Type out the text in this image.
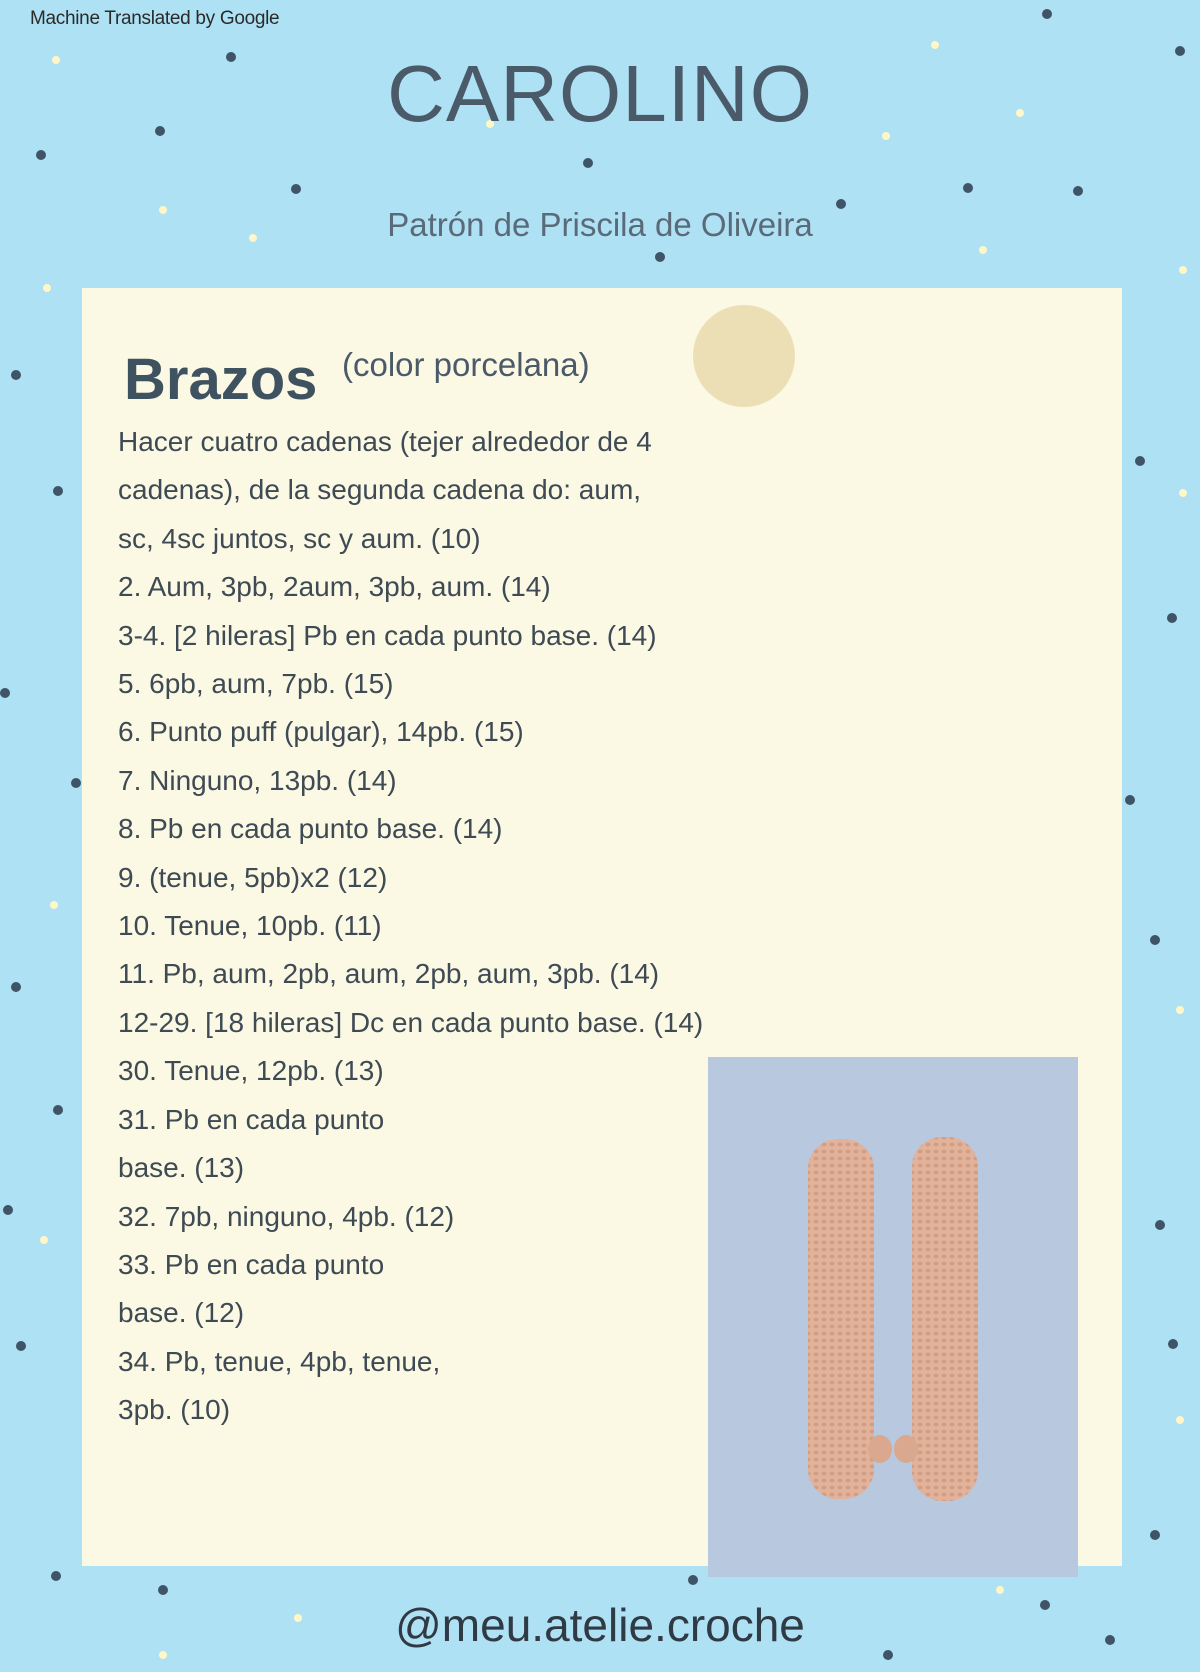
Machine Translated by Google
CAROLINO
Patrón de Priscila de Oliveira
Brazos (color porcelana)
Hacer cuatro cadenas (tejer alrededor de 4
cadenas), de la segunda cadena do: aum,
sc, 4sc juntos, sc y aum. (10)
2. Aum, 3pb, 2aum, 3pb, aum. (14)
3-4. [2 hileras] Pb en cada punto base. (14)
5. 6pb, aum, 7pb. (15)
6. Punto puff (pulgar), 14pb. (15)
7. Ninguno, 13pb. (14)
8. Pb en cada punto base. (14)
9. (tenue, 5pb)x2 (12)
10. Tenue, 10pb. (11)
11. Pb, aum, 2pb, aum, 2pb, aum, 3pb. (14)
12-29. [18 hileras] Dc en cada punto base. (14)
30. Tenue, 12pb. (13)
31. Pb en cada punto
base. (13)
32. 7pb, ninguno, 4pb. (12)
33. Pb en cada punto
base. (12)
34. Pb, tenue, 4pb, tenue,
3pb. (10)
@meu.atelie.croche
